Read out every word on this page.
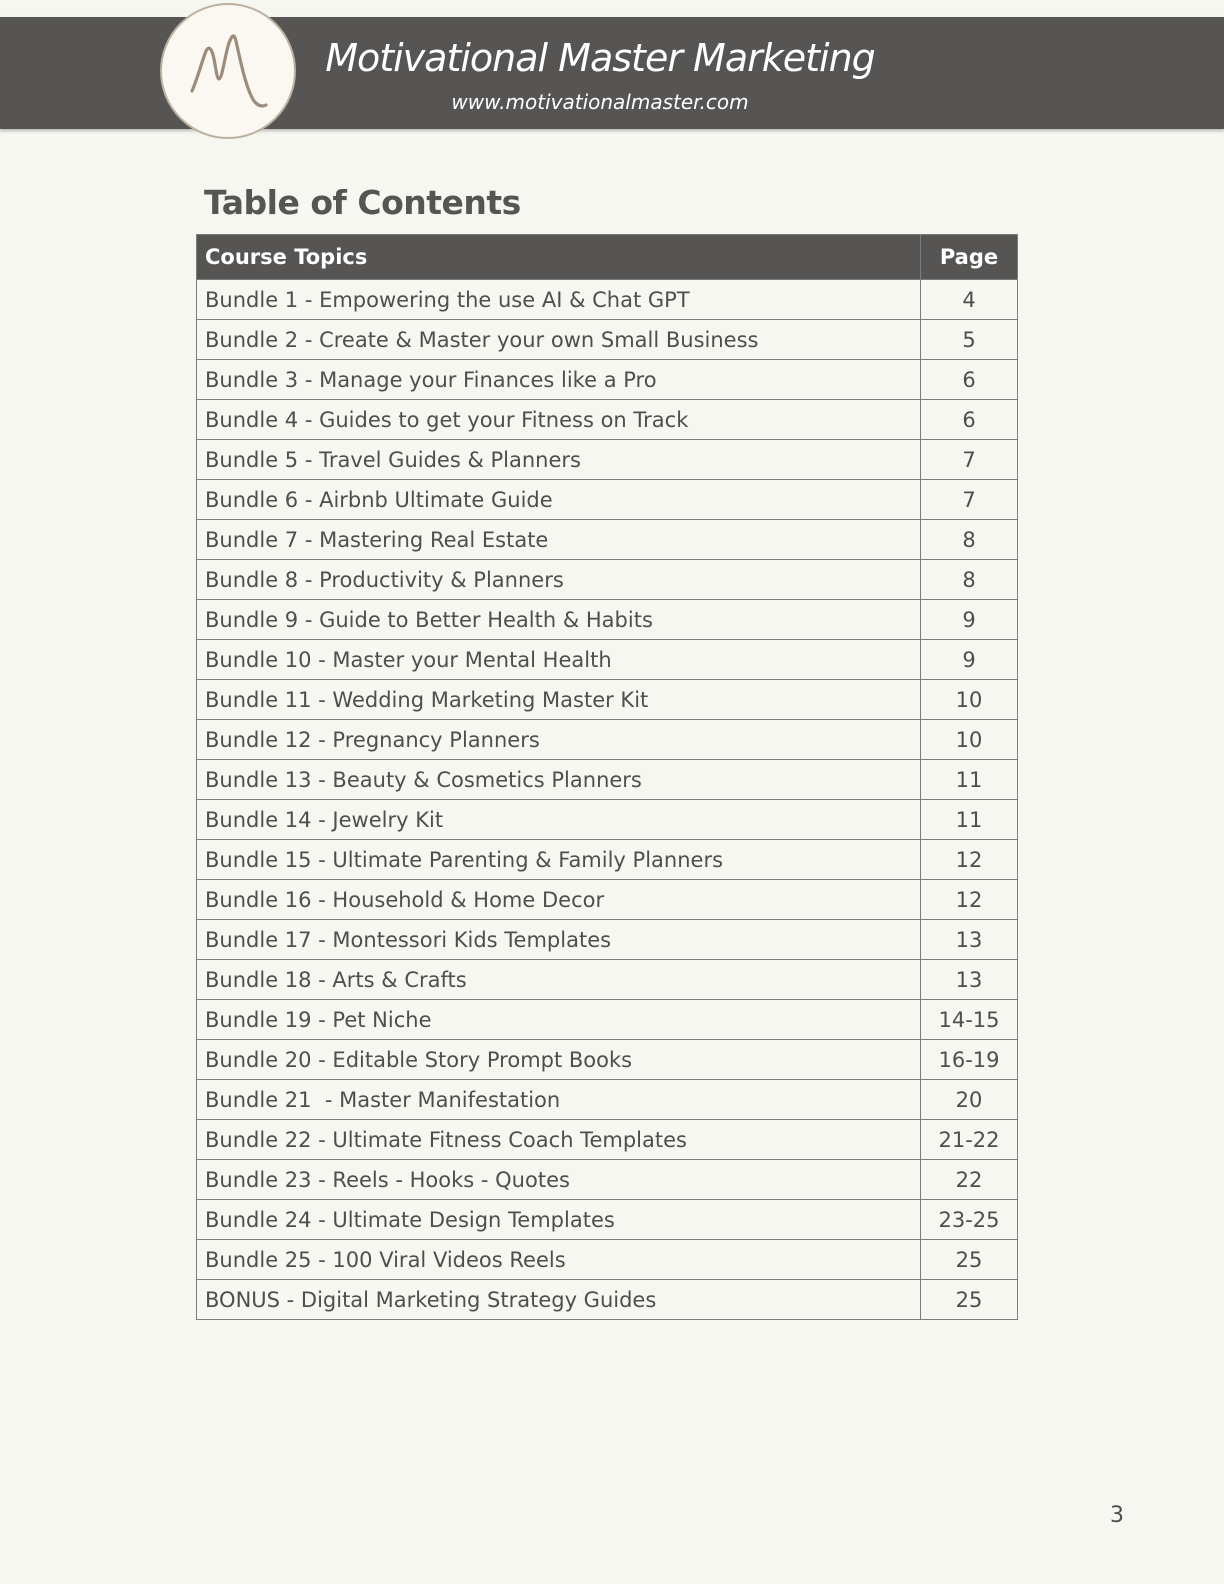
Motivational Master Marketing
www.motivationalmaster.com
Table of Contents
Course Topics	Page
Bundle 1 - Empowering the use AI & Chat GPT	4
Bundle 2 - Create & Master your own Small Business	5
Bundle 3 - Manage your Finances like a Pro	6
Bundle 4 - Guides to get your Fitness on Track	6
Bundle 5 - Travel Guides & Planners	7
Bundle 6 - Airbnb Ultimate Guide	7
Bundle 7 - Mastering Real Estate	8
Bundle 8 - Productivity & Planners	8
Bundle 9 - Guide to Better Health & Habits	9
Bundle 10 - Master your Mental Health	9
Bundle 11 - Wedding Marketing Master Kit	10
Bundle 12 - Pregnancy Planners	10
Bundle 13 - Beauty & Cosmetics Planners	11
Bundle 14 - Jewelry Kit	11
Bundle 15 - Ultimate Parenting & Family Planners	12
Bundle 16 - Household & Home Decor	12
Bundle 17 - Montessori Kids Templates	13
Bundle 18 - Arts & Crafts	13
Bundle 19 - Pet Niche	14-15
Bundle 20 - Editable Story Prompt Books	16-19
Bundle 21  - Master Manifestation	20
Bundle 22 - Ultimate Fitness Coach Templates	21-22
Bundle 23 - Reels - Hooks - Quotes	22
Bundle 24 - Ultimate Design Templates	23-25
Bundle 25 - 100 Viral Videos Reels	25
BONUS - Digital Marketing Strategy Guides	25
3
